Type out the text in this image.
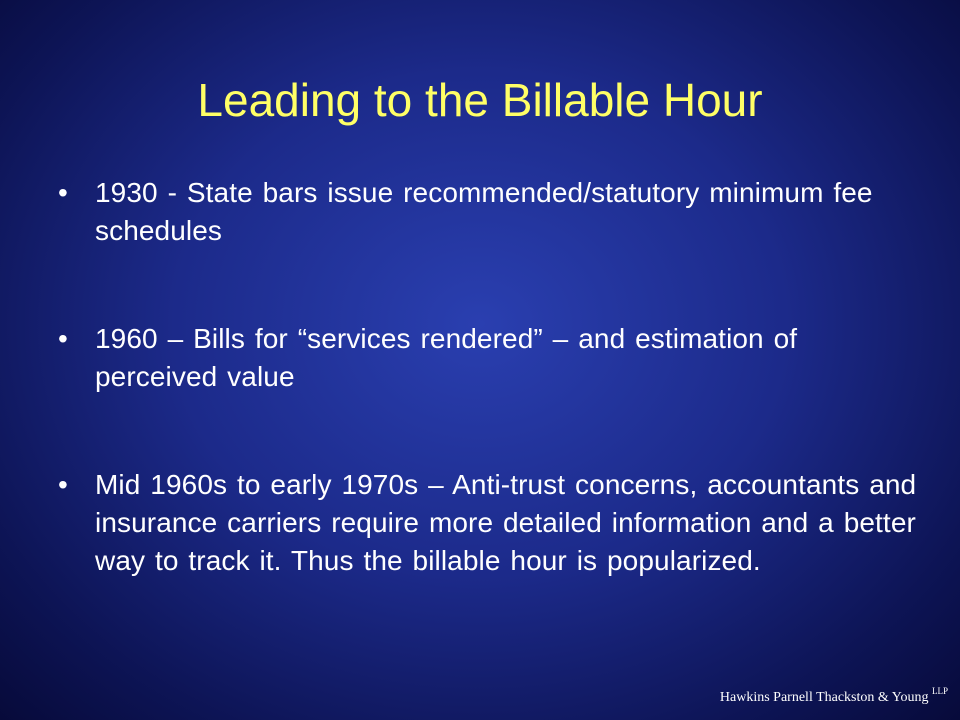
Leading to the Billable Hour
• 1930 - State bars issue recommended/statutory minimum fee schedules
• 1960 – Bills for “services rendered” – and estimation of perceived value
• Mid 1960s to early 1970s – Anti-trust concerns, accountants and insurance carriers require more detailed information and a better way to track it. Thus the billable hour is popularized.
Hawkins Parnell Thackston & Young $^{LLP}$
